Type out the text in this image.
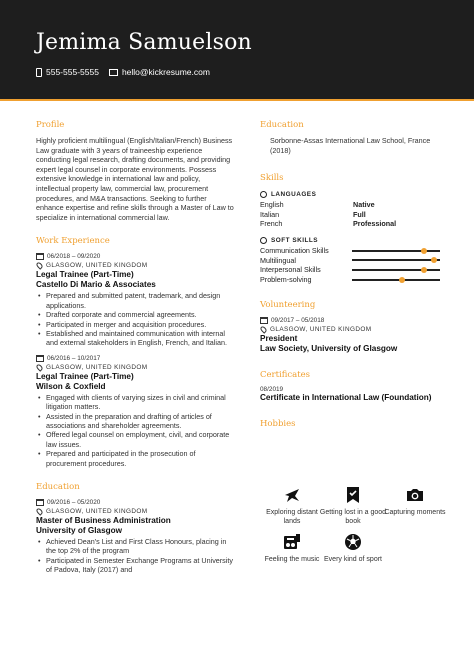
Jemima Samuelson
555-555-5555	hello@kickresume.com
Profile
Highly proficient multilingual (English/Italian/French) Business Law graduate with 3 years of traineeship experience conducting legal research, drafting documents, and providing expert legal counsel in corporate environments. Possess extensive knowledge in international law and policy, intellectual property law, commercial law, procurement procedures, and M&A transactions. Seeking to further enhance expertise and refine skills through a Master of Law to specialize in international commercial law.
Work Experience
06/2018 – 09/2020
GLASGOW, UNITED KINGDOM
Legal Trainee (Part-Time)
Castello Di Mario & Associates
• Prepared and submitted patent, trademark, and design applications.
• Drafted corporate and commercial agreements.
• Participated in merger and acquisition procedures.
• Established and maintained communication with internal and external stakeholders in English, French, and Italian.
06/2016 – 10/2017
GLASGOW, UNITED KINGDOM
Legal Trainee (Part-Time)
Wilson & Coxfield
• Engaged with clients of varying sizes in civil and criminal litigation matters.
• Assisted in the preparation and drafting of articles of associations and shareholder agreements.
• Offered legal counsel on employment, civil, and corporate law issues.
• Prepared and participated in the prosecution of procurement procedures.
Education
09/2016 – 05/2020
GLASGOW, UNITED KINGDOM
Master of Business Administration
University of Glasgow
• Achieved Dean's List and First Class Honours, placing in the top 2% of the program
• Participated in Semester Exchange Programs at University of Padova, Italy (2017) and
Education
Sorbonne-Assas International Law School, France (2018)
Skills
LANGUAGES
English	Native
Italian	Full
French	Professional
SOFT SKILLS
Communication Skills
Multilingual
Interpersonal Skills
Problem-solving
Volunteering
09/2017 – 05/2018
GLASGOW, UNITED KINGDOM
President
Law Society, University of Glasgow
Certificates
08/2019
Certificate in International Law (Foundation)
Hobbies
Exploring distant lands
Getting lost in a good book
Capturing moments
Feeling the music Every kind of sport
